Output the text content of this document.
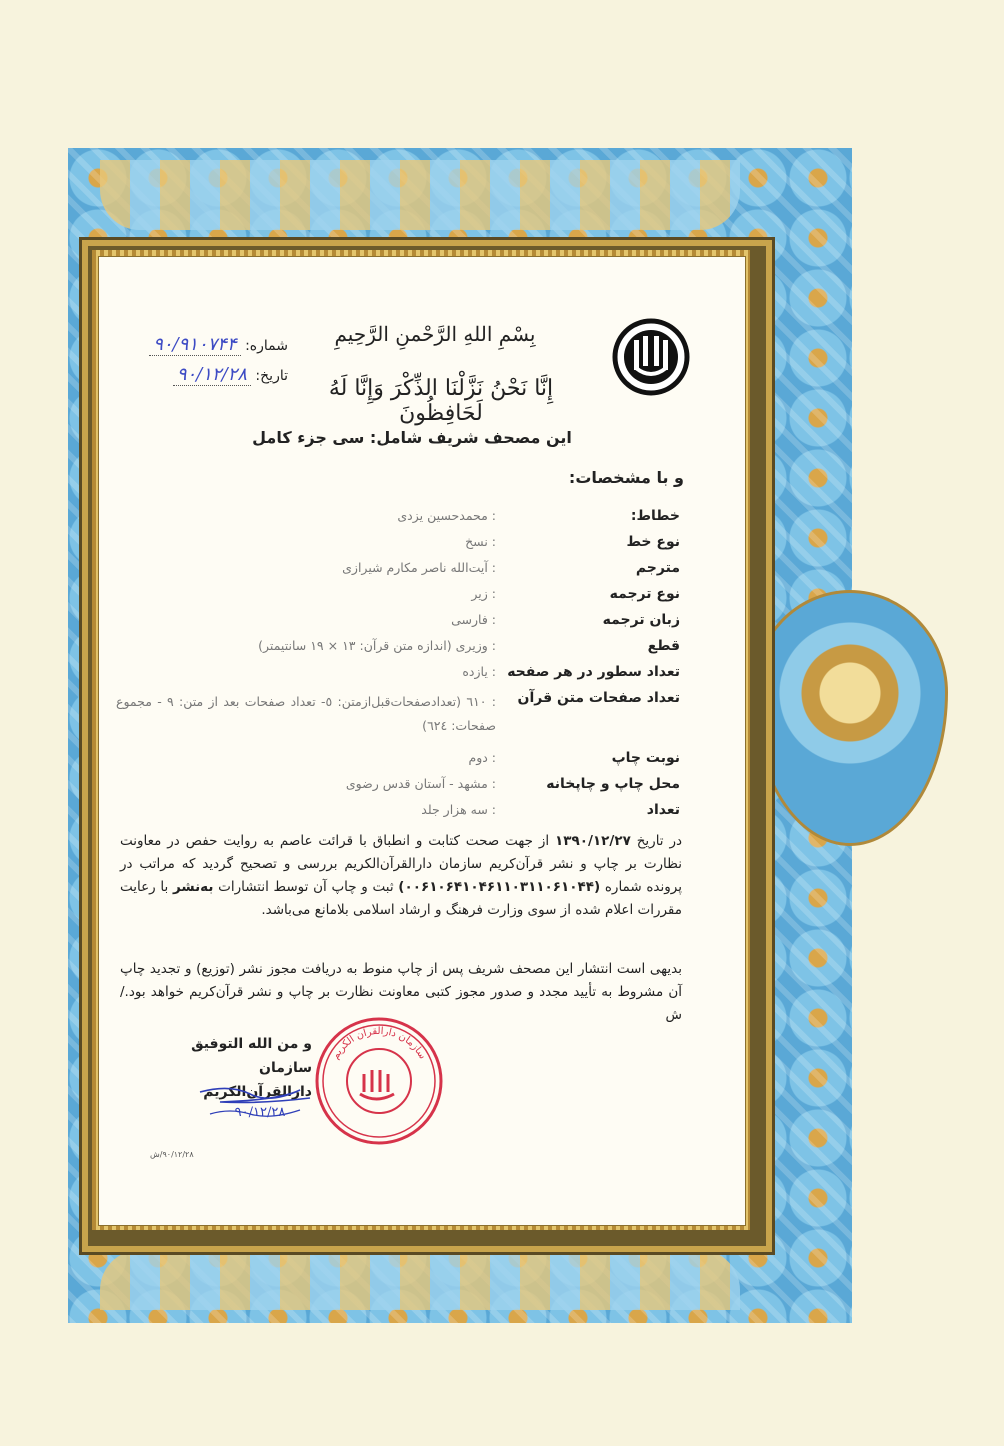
بِسْمِ اللهِ الرَّحْمنِ الرَّحِيمِ
إِنَّا نَحْنُ نَزَّلْنَا الذِّكْرَ وَإِنَّا لَهُ لَحَافِظُونَ
شماره: ۹۰/۹۱۰۷۴۴
تاریخ: ۹۰/۱۲/۲۸
این مصحف شریف شامل: سی جزء کامل
و با مشخصات:
خطاط:
: محمدحسین یزدی
نوع خط
: نسخ
مترجم
: آیت‌الله ناصر مکارم شیرازی
نوع ترجمه
: زیر
زبان ترجمه
: فارسی
قطع
: وزیری (اندازه متن قرآن: ۱۳ × ۱۹ سانتیمتر)
تعداد سطور در هر صفحه
: یازده
تعداد صفحات متن قرآن
: ٦١٠ (تعدادصفحات‌قبل‌ازمتن: ٥- تعداد صفحات بعد از متن: ٩ - مجموع صفحات: ٦٢٤)
نوبت چاپ
: دوم
محل چاپ و چاپخانه
: مشهد - آستان قدس رضوی
تعداد
: سه هزار جلد
در تاریخ ۱۳۹۰/۱۲/۲۷ از جهت صحت کتابت و انطباق با قرائت عاصم به روایت حفص در معاونت نظارت بر چاپ و نشر قرآن‌کریم سازمان دارالقرآن‌الکریم بررسی و تصحیح گردید که مراتب در پرونده شماره (۰۰۶۱۰۶۴۱۰۴۶۱۱۰۳۱۱۰۶۱۰۴۴) ثبت و چاپ آن توسط انتشارات به‌نشر با رعایت مقررات اعلام شده از سوی وزارت فرهنگ و ارشاد اسلامی بلامانع می‌باشد.
بدیهی است انتشار این مصحف شریف پس از چاپ منوط به دریافت مجوز نشر (توزیع) و تجدید چاپ آن مشروط به تأیید مجدد و صدور مجوز کتبی معاونت نظارت بر چاپ و نشر قرآن‌کریم خواهد بود./ش
و من الله التوفیق
سازمان دارالقرآن‌الکریم
۹۰/۱۲/۲۸
سازمان دارالقرآن الکریم
۹۰/۱۲/۲۸/ش
